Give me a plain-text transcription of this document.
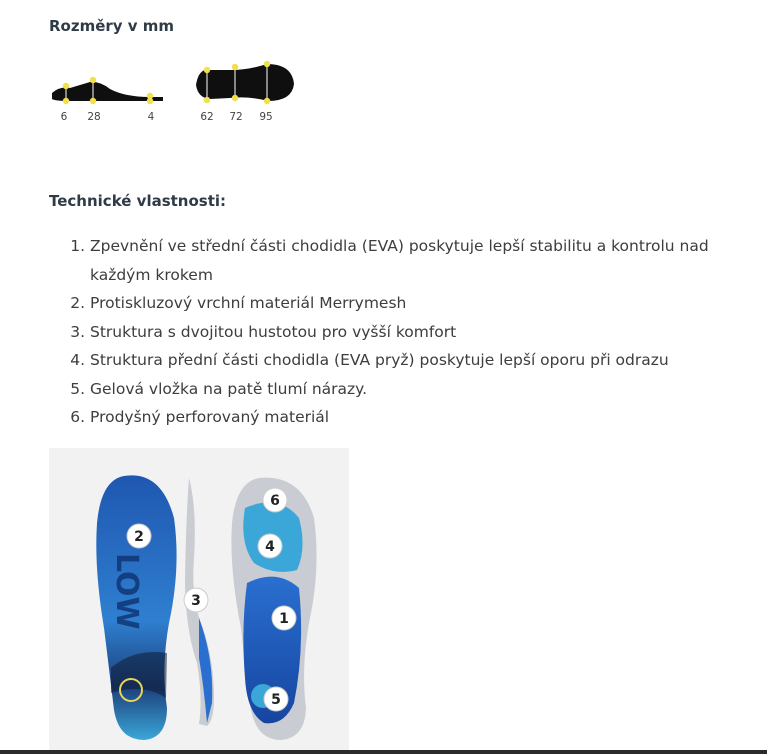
Rozměry v mm
6 28	4	62 72 95
Technické vlastnosti:
1. Zpevnění ve střední části chodidla (EVA) poskytuje lepší stabilitu a kontrolu nad každým krokem
2. Protiskluzový vrchní materiál Merrymesh
3. Struktura s dvojitou hustotou pro vyšší komfort
4. Struktura přední části chodidla (EVA pryž) poskytuje lepší oporu při odrazu
5. Gelová vložka na patě tlumí nárazy.
6. Prodyšný perforovaný materiál
LOW
2
3
6
4
1
5
